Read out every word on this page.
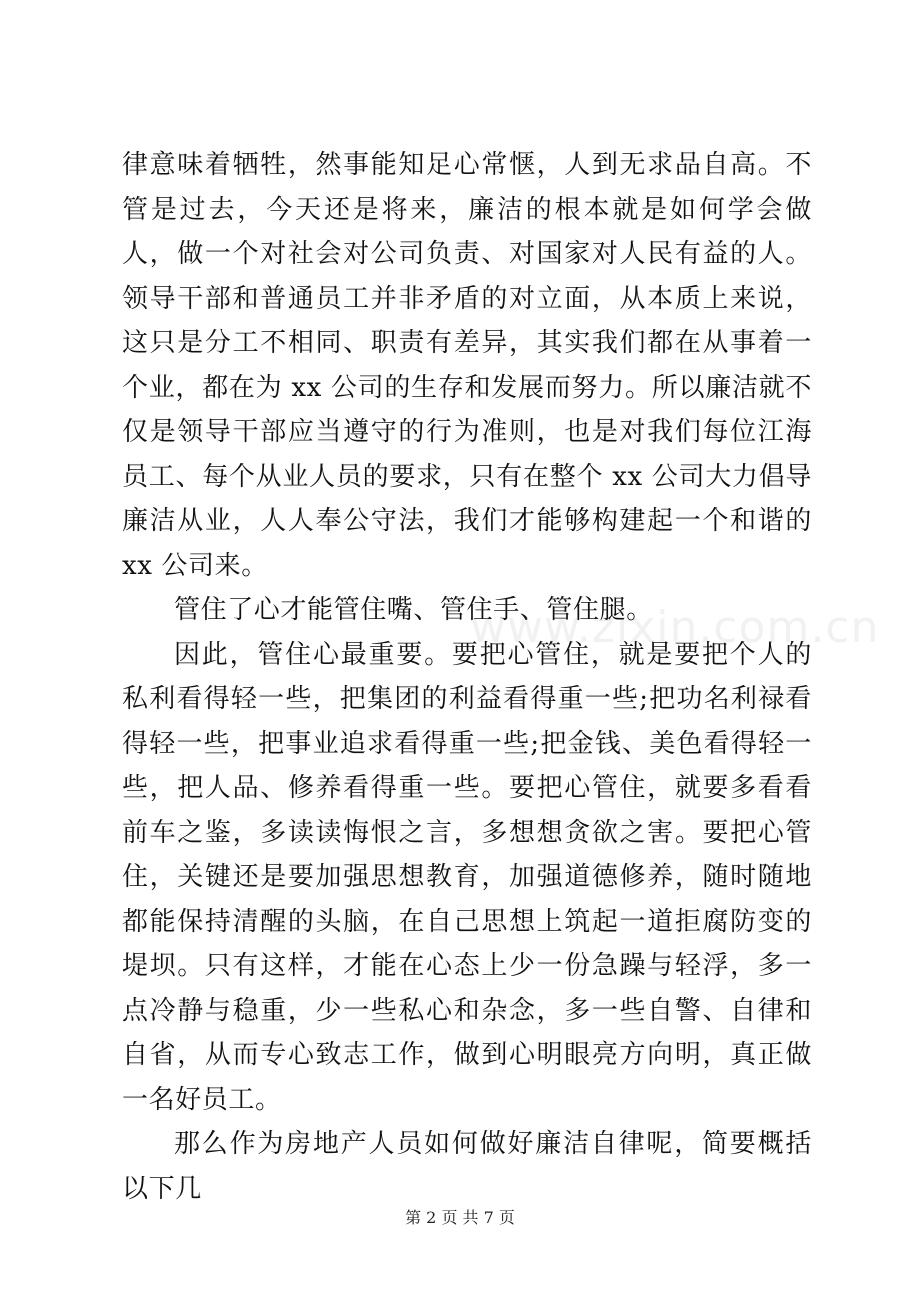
律意味着牺牲，然事能知足心常惬，人到无求品自高。不管是过去，今天还是将来，廉洁的根本就是如何学会做人，做一个对社会对公司负责、对国家对人民有益的人。领导干部和普通员工并非矛盾的对立面，从本质上来说，这只是分工不相同、职责有差异，其实我们都在从事着一个业，都在为 xx 公司的生存和发展而努力。所以廉洁就不仅是领导干部应当遵守的行为准则，也是对我们每位江海员工、每个从业人员的要求，只有在整个 xx 公司大力倡导廉洁从业，人人奉公守法，我们才能够构建起一个和谐的 xx 公司来。

管住了心才能管住嘴、管住手、管住腿。

因此，管住心最重要。要把心管住，就是要把个人的私利看得轻一些，把集团的利益看得重一些;把功名利禄看得轻一些，把事业追求看得重一些;把金钱、美色看得轻一些，把人品、修养看得重一些。要把心管住，就要多看看前车之鉴，多读读悔恨之言，多想想贪欲之害。要把心管住，关键还是要加强思想教育，加强道德修养，随时随地都能保持清醒的头脑，在自己思想上筑起一道拒腐防变的堤坝。只有这样，才能在心态上少一份急躁与轻浮，多一点冷静与稳重，少一些私心和杂念，多一些自警、自律和自省，从而专心致志工作，做到心明眼亮方向明，真正做一名好员工。

那么作为房地产人员如何做好廉洁自律呢，简要概括以下几

www.zixin.com.cn
第 2 页 共 7 页
